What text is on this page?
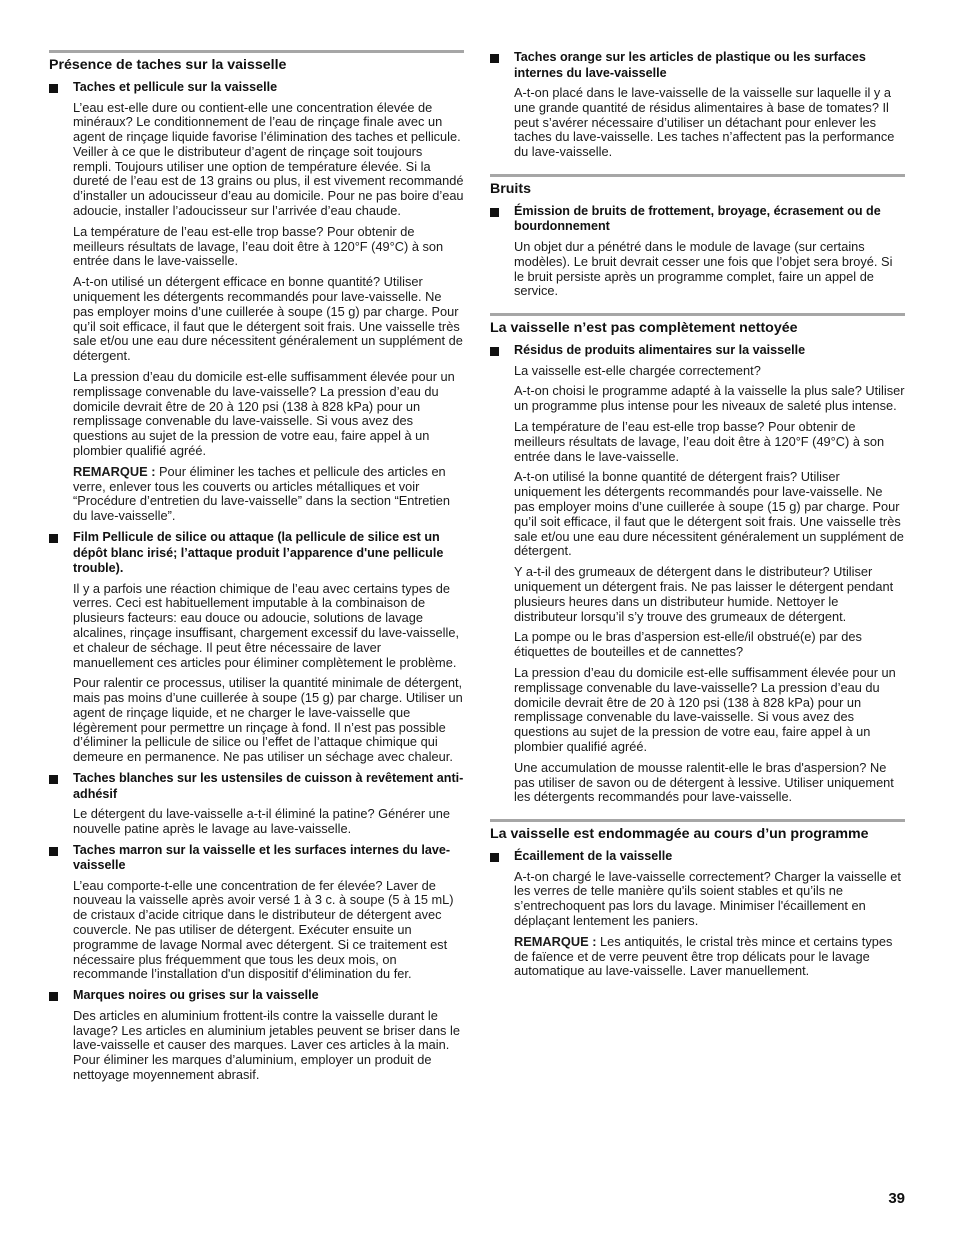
Présence de taches sur la vaisselle
Taches et pellicule sur la vaisselle

L’eau est-elle dure ou contient-elle une concentration élevée de minéraux? Le conditionnement de l’eau de rinçage finale avec un agent de rinçage liquide favorise l’élimination des taches et pellicule. Veiller à ce que le distributeur d’agent de rinçage soit toujours rempli. Toujours utiliser une option de température élevée. Si la dureté de l’eau est de 13 grains ou plus, il est vivement recommandé d’installer un adoucisseur d’eau au domicile. Pour ne pas boire d’eau adoucie, installer l’adoucisseur sur l’arrivée d’eau chaude.

La température de l’eau est-elle trop basse? Pour obtenir de meilleurs résultats de lavage, l’eau doit être à 120°F (49°C) à son entrée dans le lave-vaisselle.

A-t-on utilisé un détergent efficace en bonne quantité? Utiliser uniquement les détergents recommandés pour lave-vaisselle. Ne pas employer moins d’une cuillerée à soupe (15 g) par charge. Pour qu’il soit efficace, il faut que le détergent soit frais. Une vaisselle très sale et/ou une eau dure nécessitent généralement un supplément de détergent.

La pression d’eau du domicile est-elle suffisamment élevée pour un remplissage convenable du lave-vaisselle? La pression d’eau du domicile devrait être de 20 à 120 psi (138 à 828 kPa) pour un remplissage convenable du lave-vaisselle. Si vous avez des questions au sujet de la pression de votre eau, faire appel à un plombier qualifié agréé.

REMARQUE : Pour éliminer les taches et pellicule des articles en verre, enlever tous les couverts ou articles métalliques et voir “Procédure d’entretien du lave-vaisselle” dans la section “Entretien du lave-vaisselle”.

Film Pellicule de silice ou attaque (la pellicule de silice est un dépôt blanc irisé; l’attaque produit l’apparence d'une pellicule trouble).

Il y a parfois une réaction chimique de l’eau avec certains types de verres. Ceci est habituellement imputable à la combinaison de plusieurs facteurs: eau douce ou adoucie, solutions de lavage alcalines, rinçage insuffisant, chargement excessif du lave-vaisselle, et chaleur de séchage. Il peut être nécessaire de laver manuellement ces articles pour éliminer complètement le problème.

Pour ralentir ce processus, utiliser la quantité minimale de détergent, mais pas moins d’une cuillerée à soupe (15 g) par charge. Utiliser un agent de rinçage liquide, et ne charger le lave-vaisselle que légèrement pour permettre un rinçage à fond. Il n’est pas possible d’éliminer la pellicule de silice ou l’effet de l’attaque chimique qui demeure en permanence. Ne pas utiliser un séchage avec chaleur.

Taches blanches sur les ustensiles de cuisson à revêtement anti-adhésif

Le détergent du lave-vaisselle a-t-il éliminé la patine? Générer une nouvelle patine après le lavage au lave-vaisselle.

Taches marron sur la vaisselle et les surfaces internes du lave-vaisselle

L’eau comporte-t-elle une concentration de fer élevée? Laver de nouveau la vaisselle après avoir versé 1 à 3 c. à soupe (5 à 15 mL) de cristaux d’acide citrique dans le distributeur de détergent avec couvercle. Ne pas utiliser de détergent. Exécuter ensuite un programme de lavage Normal avec détergent. Si ce traitement est nécessaire plus fréquemment que tous les deux mois, on recommande l’installation d'un dispositif d'élimination du fer.

Marques noires ou grises sur la vaisselle

Des articles en aluminium frottent-ils contre la vaisselle durant le lavage? Les articles en aluminium jetables peuvent se briser dans le lave-vaisselle et causer des marques. Laver ces articles à la main. Pour éliminer les marques d’aluminium, employer un produit de nettoyage moyennement abrasif.

Taches orange sur les articles de plastique ou les surfaces internes du lave-vaisselle

A-t-on placé dans le lave-vaisselle de la vaisselle sur laquelle il y a une grande quantité de résidus alimentaires à base de tomates? Il peut s’avérer nécessaire d’utiliser un détachant pour enlever les taches du lave-vaisselle. Les taches n’affectent pas la performance du lave-vaisselle.

Bruits
Émission de bruits de frottement, broyage, écrasement ou de bourdonnement

Un objet dur a pénétré dans le module de lavage (sur certains modèles). Le bruit devrait cesser une fois que l’objet sera broyé. Si le bruit persiste après un programme complet, faire un appel de service.

La vaisselle n’est pas complètement nettoyée
Résidus de produits alimentaires sur la vaisselle

La vaisselle est-elle chargée correctement?

A-t-on choisi le programme adapté à la vaisselle la plus sale? Utiliser un programme plus intense pour les niveaux de saleté plus intense.

La température de l’eau est-elle trop basse? Pour obtenir de meilleurs résultats de lavage, l’eau doit être à 120°F (49°C) à son entrée dans le lave-vaisselle.

A-t-on utilisé la bonne quantité de détergent frais? Utiliser uniquement les détergents recommandés pour lave-vaisselle. Ne pas employer moins d’une cuillerée à soupe (15 g) par charge. Pour qu’il soit efficace, il faut que le détergent soit frais. Une vaisselle très sale et/ou une eau dure nécessitent généralement un supplément de détergent.

Y a-t-il des grumeaux de détergent dans le distributeur? Utiliser uniquement un détergent frais. Ne pas laisser le détergent pendant plusieurs heures dans un distributeur humide. Nettoyer le distributeur lorsqu’il s’y trouve des grumeaux de détergent.

La pompe ou le bras d’aspersion est-elle/il obstrué(e) par des étiquettes de bouteilles et de cannettes?

La pression d’eau du domicile est-elle suffisamment élevée pour un remplissage convenable du lave-vaisselle? La pression d’eau du domicile devrait être de 20 à 120 psi (138 à 828 kPa) pour un remplissage convenable du lave-vaisselle. Si vous avez des questions au sujet de la pression de votre eau, faire appel à un plombier qualifié agréé.

Une accumulation de mousse ralentit-elle le bras d'aspersion? Ne pas utiliser de savon ou de détergent à lessive. Utiliser uniquement les détergents recommandés pour lave-vaisselle.

La vaisselle est endommagée au cours d’un programme
Écaillement de la vaisselle

A-t-on chargé le lave-vaisselle correctement? Charger la vaisselle et les verres de telle manière qu'ils soient stables et qu’ils ne s’entrechoquent pas lors du lavage. Minimiser l'écaillement en déplaçant lentement les paniers.

REMARQUE : Les antiquités, le cristal très mince et certains types de faïence et de verre peuvent être trop délicats pour le lavage automatique au lave-vaisselle. Laver manuellement.

39
